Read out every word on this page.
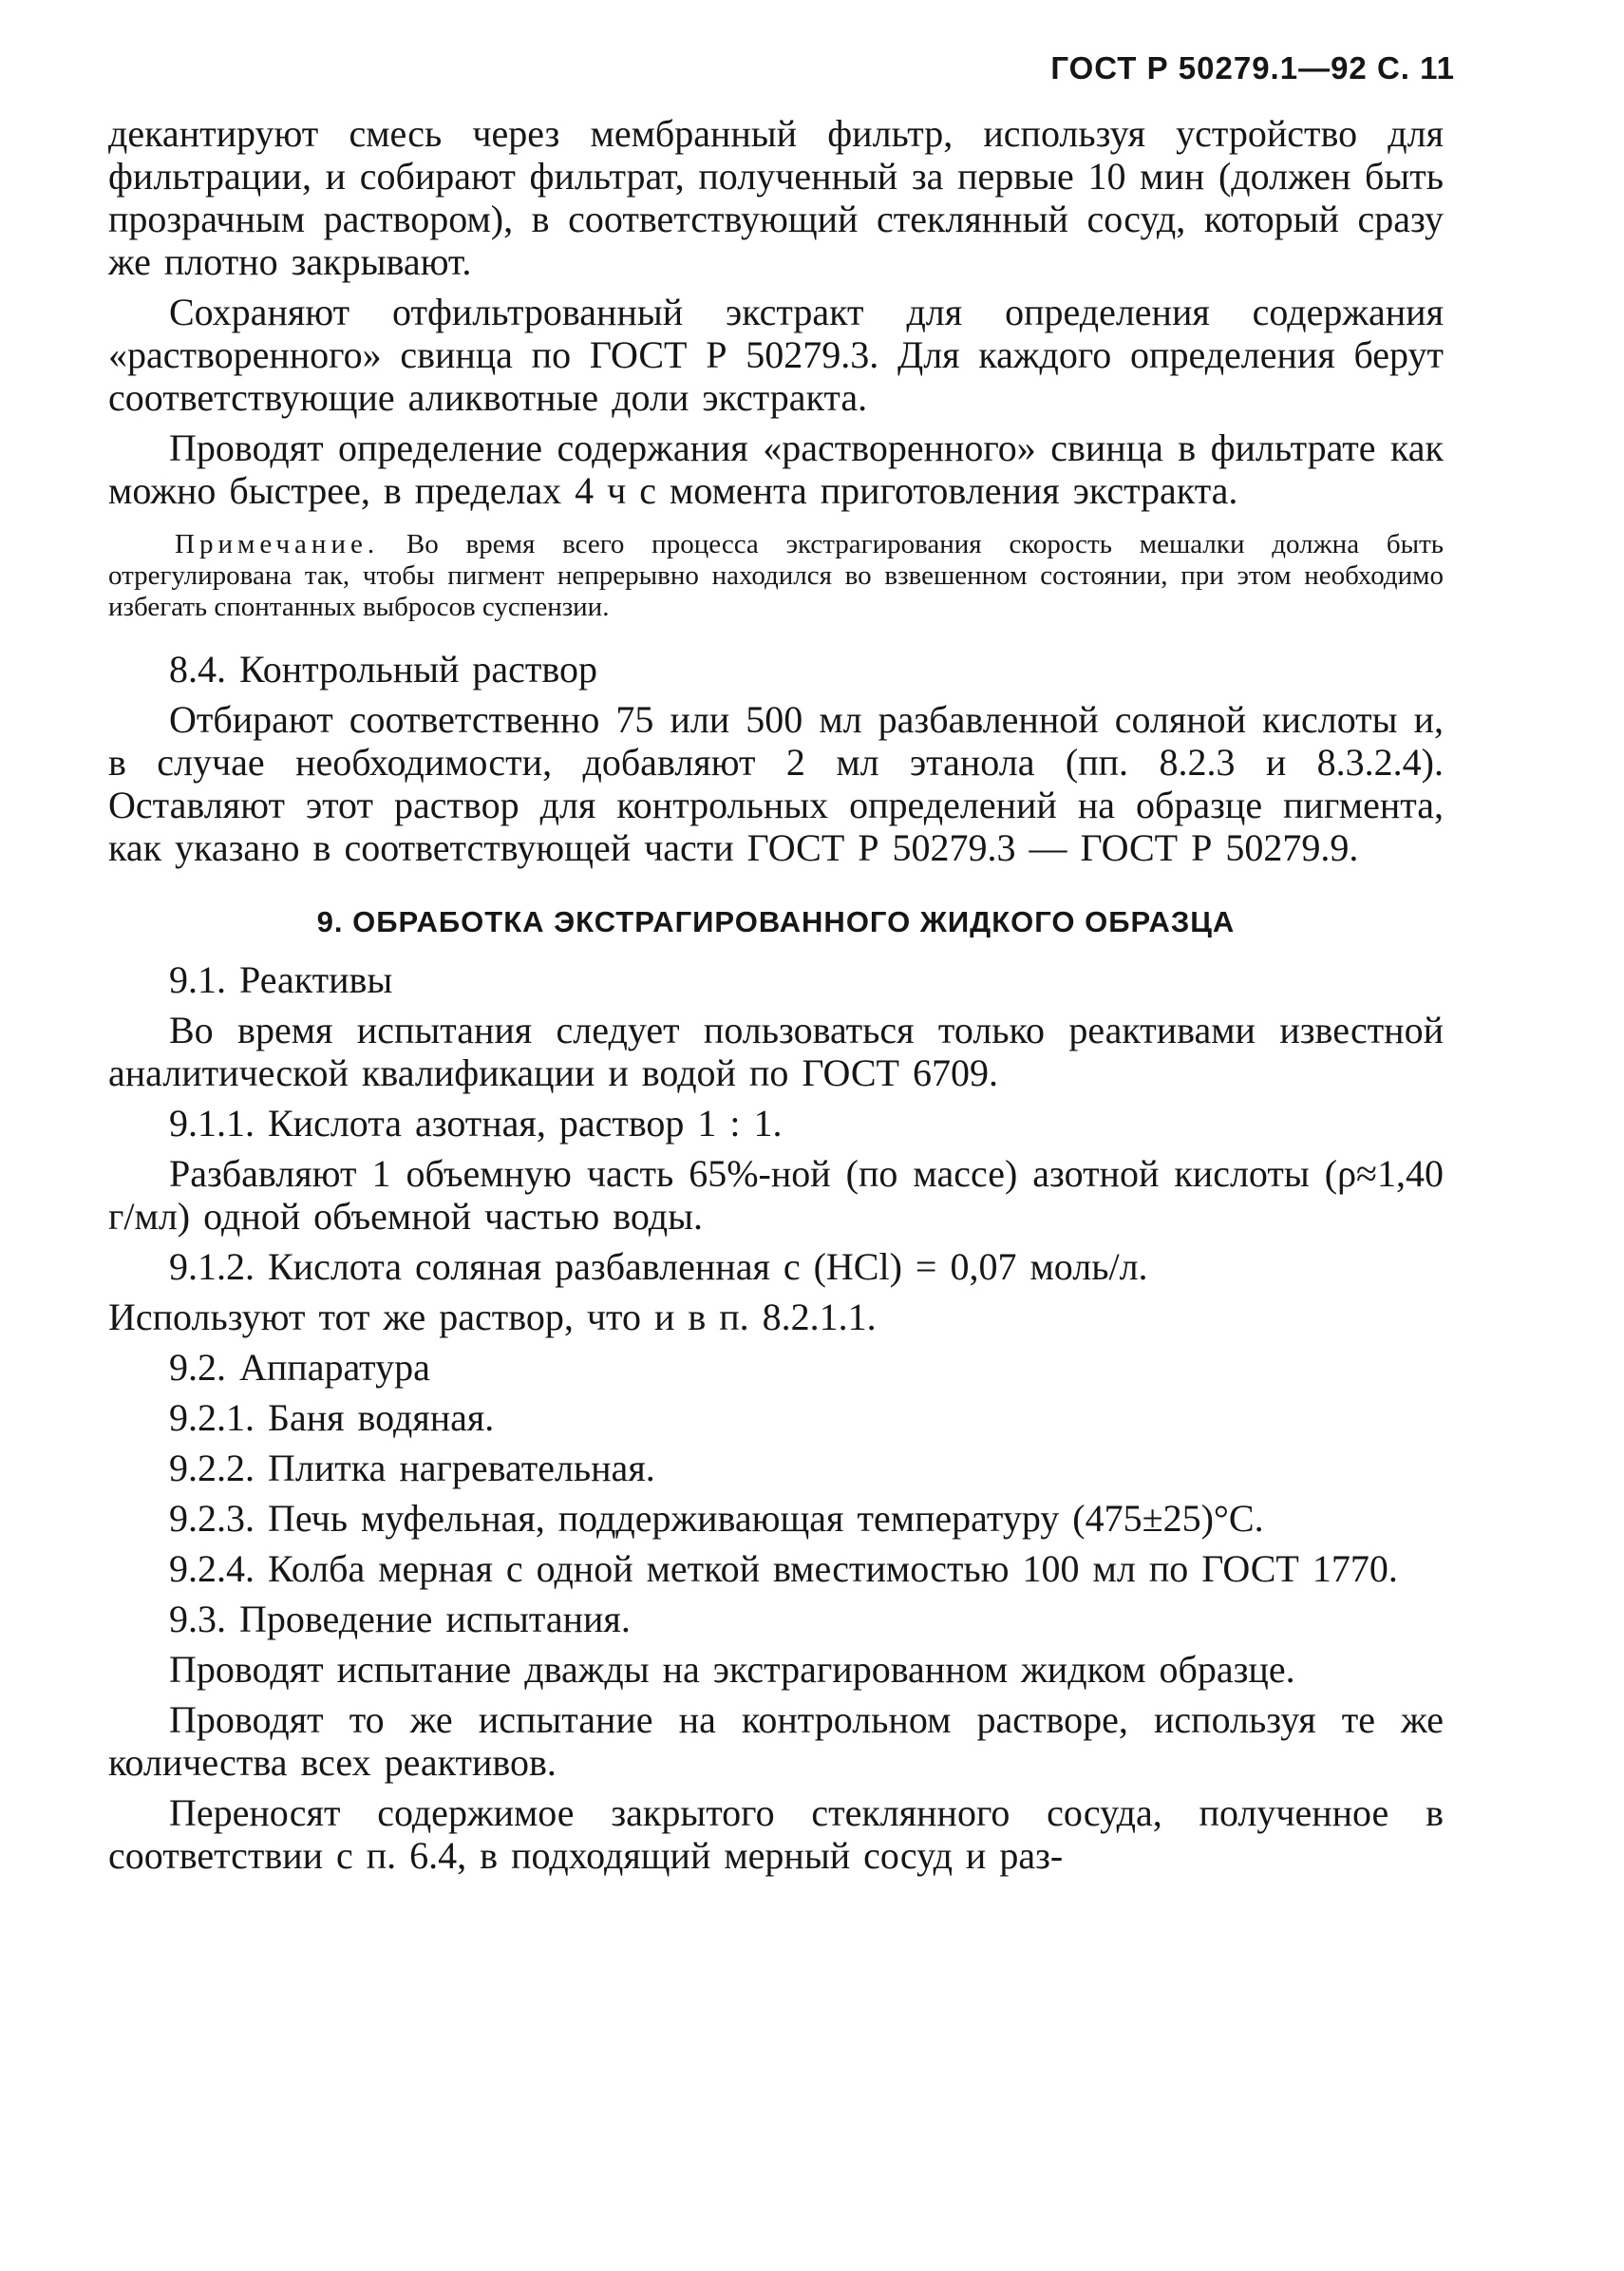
ГОСТ Р 50279.1—92 С. 11

декантируют смесь через мембранный фильтр, используя устройство для фильтрации, и собирают фильтрат, полученный за первые 10 мин (должен быть прозрачным раствором), в соответствующий стеклянный сосуд, который сразу же плотно закрывают.

Сохраняют отфильтрованный экстракт для определения содержания «растворенного» свинца по ГОСТ Р 50279.3. Для каждого определения берут соответствующие аликвотные доли экстракта.

Проводят определение содержания «растворенного» свинца в фильтрате как можно быстрее, в пределах 4 ч с момента приготовления экстракта.

Примечание. Во время всего процесса экстрагирования скорость мешалки должна быть отрегулирована так, чтобы пигмент непрерывно находился во взвешенном состоянии, при этом необходимо избегать спонтанных выбросов суспензии.

8.4. Контрольный раствор

Отбирают соответственно 75 или 500 мл разбавленной соляной кислоты и, в случае необходимости, добавляют 2 мл этанола (пп. 8.2.3 и 8.3.2.4). Оставляют этот раствор для контрольных определений на образце пигмента, как указано в соответствующей части ГОСТ Р 50279.3 — ГОСТ Р 50279.9.

9. ОБРАБОТКА ЭКСТРАГИРОВАННОГО ЖИДКОГО ОБРАЗЦА

9.1. Реактивы

Во время испытания следует пользоваться только реактивами известной аналитической квалификации и водой по ГОСТ 6709.

9.1.1. Кислота азотная, раствор 1 : 1.

Разбавляют 1 объемную часть 65%-ной (по массе) азотной кислоты (ρ≈1,40 г/мл) одной объемной частью воды.

9.1.2. Кислота соляная разбавленная c (HCl) = 0,07 моль/л.

Используют тот же раствор, что и в п. 8.2.1.1.

9.2. Аппаратура

9.2.1. Баня водяная.

9.2.2. Плитка нагревательная.

9.2.3. Печь муфельная, поддерживающая температуру (475±25)°С.

9.2.4. Колба мерная с одной меткой вместимостью 100 мл по ГОСТ 1770.

9.3. Проведение испытания.

Проводят испытание дважды на экстрагированном жидком образце.

Проводят то же испытание на контрольном растворе, используя те же количества всех реактивов.

Переносят содержимое закрытого стеклянного сосуда, полученное в соответствии с п. 6.4, в подходящий мерный сосуд и раз-
